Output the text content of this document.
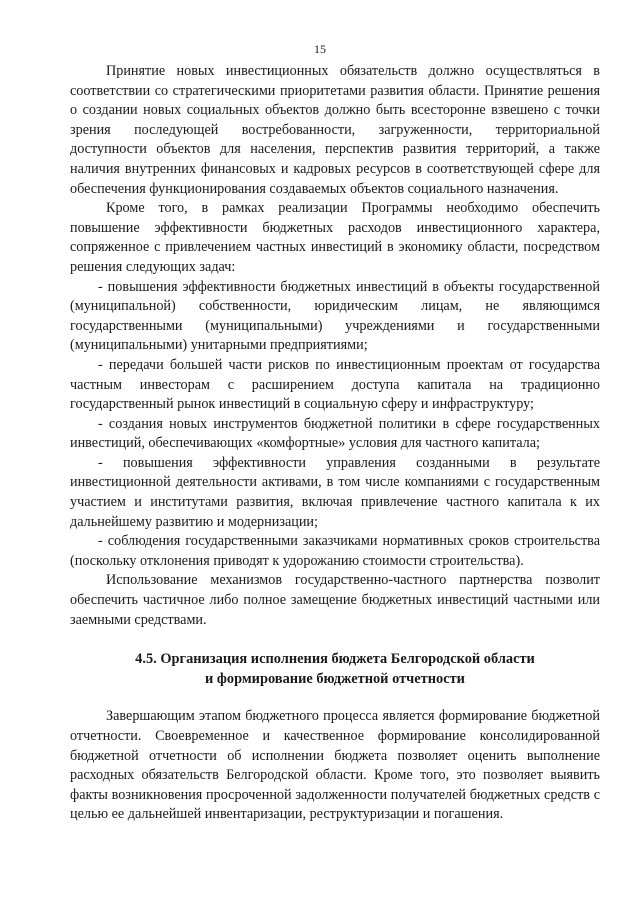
15

Принятие новых инвестиционных обязательств должно осуществляться в соответствии со стратегическими приоритетами развития области. Принятие решения о создании новых социальных объектов должно быть всесторонне взвешено с точки зрения последующей востребованности, загруженности, территориальной доступности объектов для населения, перспектив развития территорий, а также наличия внутренних финансовых и кадровых ресурсов в соответствующей сфере для обеспечения функционирования создаваемых объектов социального назначения.

Кроме того, в рамках реализации Программы необходимо обеспечить повышение эффективности бюджетных расходов инвестиционного характера, сопряженное с привлечением частных инвестиций в экономику области, посредством решения следующих задач:

- повышения эффективности бюджетных инвестиций в объекты государственной (муниципальной) собственности, юридическим лицам, не являющимся государственными (муниципальными) учреждениями и государственными (муниципальными) унитарными предприятиями;

- передачи большей части рисков по инвестиционным проектам от государства частным инвесторам с расширением доступа капитала на традиционно государственный рынок инвестиций в социальную сферу и инфраструктуру;

- создания новых инструментов бюджетной политики в сфере государственных инвестиций, обеспечивающих «комфортные» условия для частного капитала;

- повышения эффективности управления созданными в результате инвестиционной деятельности активами, в том числе компаниями с государственным участием и институтами развития, включая привлечение частного капитала к их дальнейшему развитию и модернизации;

- соблюдения государственными заказчиками нормативных сроков строительства (поскольку отклонения приводят к удорожанию стоимости строительства).

Использование механизмов государственно-частного партнерства позволит обеспечить частичное либо полное замещение бюджетных инвестиций частными или заемными средствами.

4.5. Организация исполнения бюджета Белгородской области
и формирование бюджетной отчетности

Завершающим этапом бюджетного процесса является формирование бюджетной отчетности. Своевременное и качественное формирование консолидированной бюджетной отчетности об исполнении бюджета позволяет оценить выполнение расходных обязательств Белгородской области. Кроме того, это позволяет выявить факты возникновения просроченной задолженности получателей бюджетных средств с целью ее дальнейшей инвентаризации, реструктуризации и погашения.
